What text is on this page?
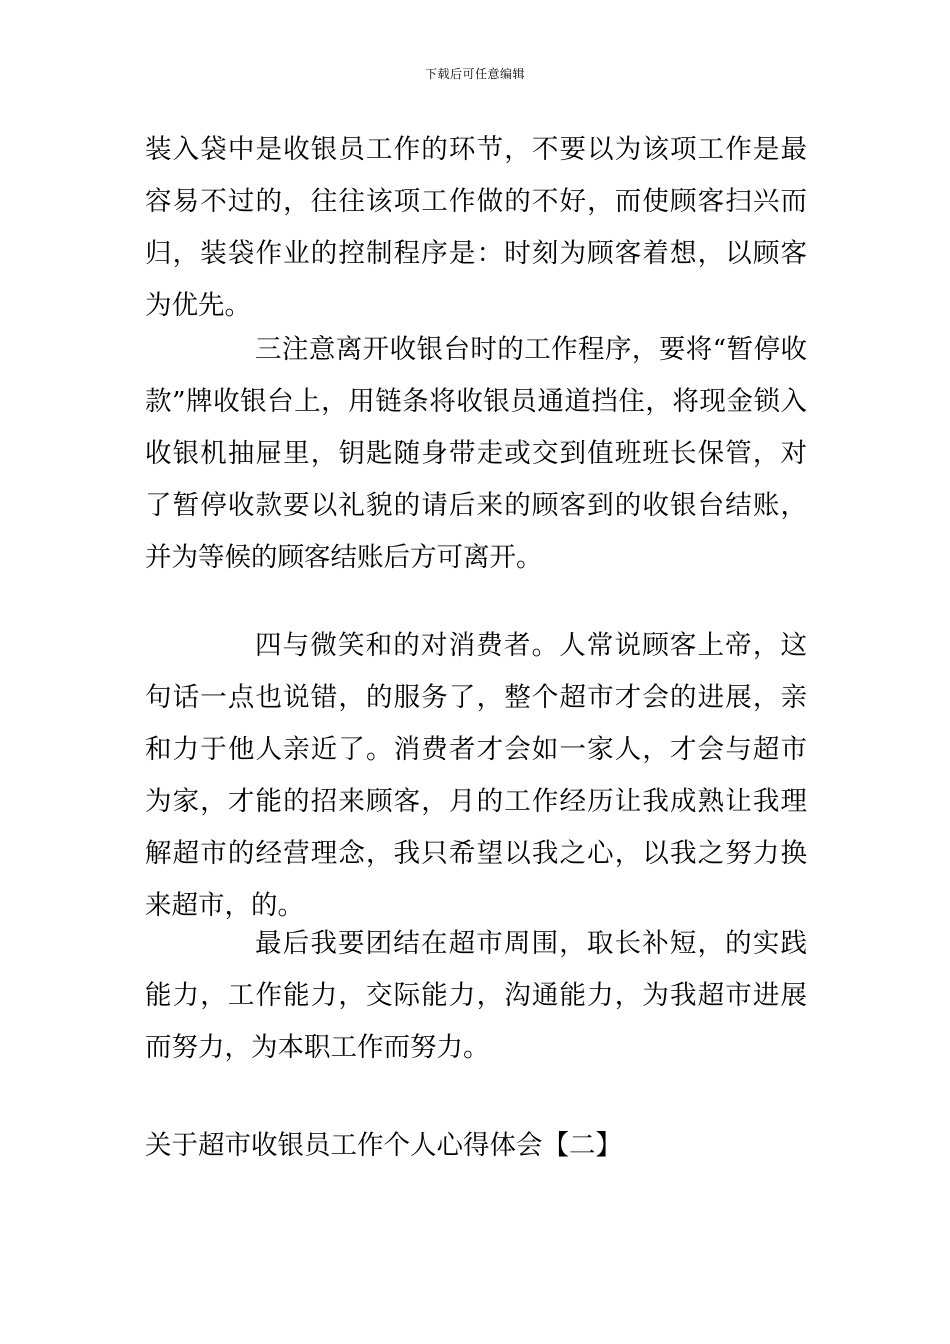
下载后可任意编辑

装入袋中是收银员工作的环节，不要以为该项工作是最容易不过的，往往该项工作做的不好，而使顾客扫兴而归，装袋作业的控制程序是：时刻为顾客着想，以顾客为优先。

三注意离开收银台时的工作程序，要将“暂停收款”牌收银台上，用链条将收银员通道挡住，将现金锁入收银机抽屉里，钥匙随身带走或交到值班班长保管，对了暂停收款要以礼貌的请后来的顾客到的收银台结账，并为等候的顾客结账后方可离开。

四与微笑和的对消费者。人常说顾客上帝，这句话一点也说错，的服务了，整个超市才会的进展，亲和力于他人亲近了。消费者才会如一家人，才会与超市为家，才能的招来顾客，月的工作经历让我成熟让我理解超市的经营理念，我只希望以我之心，以我之努力换来超市，的。

最后我要团结在超市周围，取长补短，的实践能力，工作能力，交际能力，沟通能力，为我超市进展而努力，为本职工作而努力。

关于超市收银员工作个人心得体会【二】
